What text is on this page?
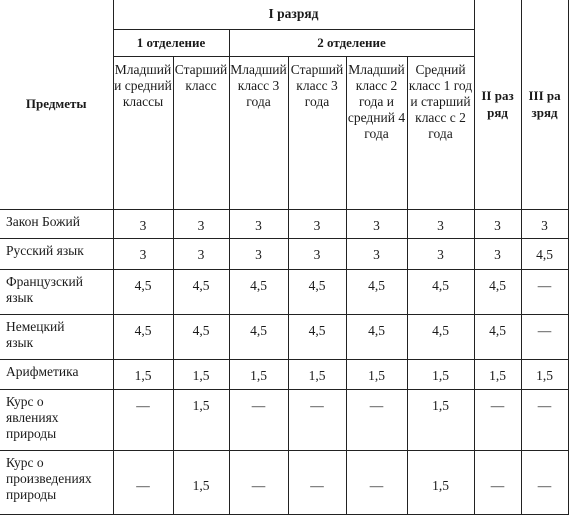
Предметы	I разряд						II разряд	III разряд
	1 отделение		2 отделение					
	Младший и средний классы	Старший класс	Младший класс 3 года	Старший класс 3 года	Младший класс 2 года и средний 4 года	Средний класс 1 год и старший класс с 2 года		
Закон Божий	3	3	3	3	3	3	3	3
Русский язык	3	3	3	3	3	3	3	4,5
Французский язык	4,5	4,5	4,5	4,5	4,5	4,5	4,5	—
Немецкий язык	4,5	4,5	4,5	4,5	4,5	4,5	4,5	—
Арифметика	1,5	1,5	1,5	1,5	1,5	1,5	1,5	1,5
Курс о явлениях природы	—	1,5	—	—	—	1,5	—	—
Курс о произведениях природы	—	1,5	—	—	—	1,5	—	—
